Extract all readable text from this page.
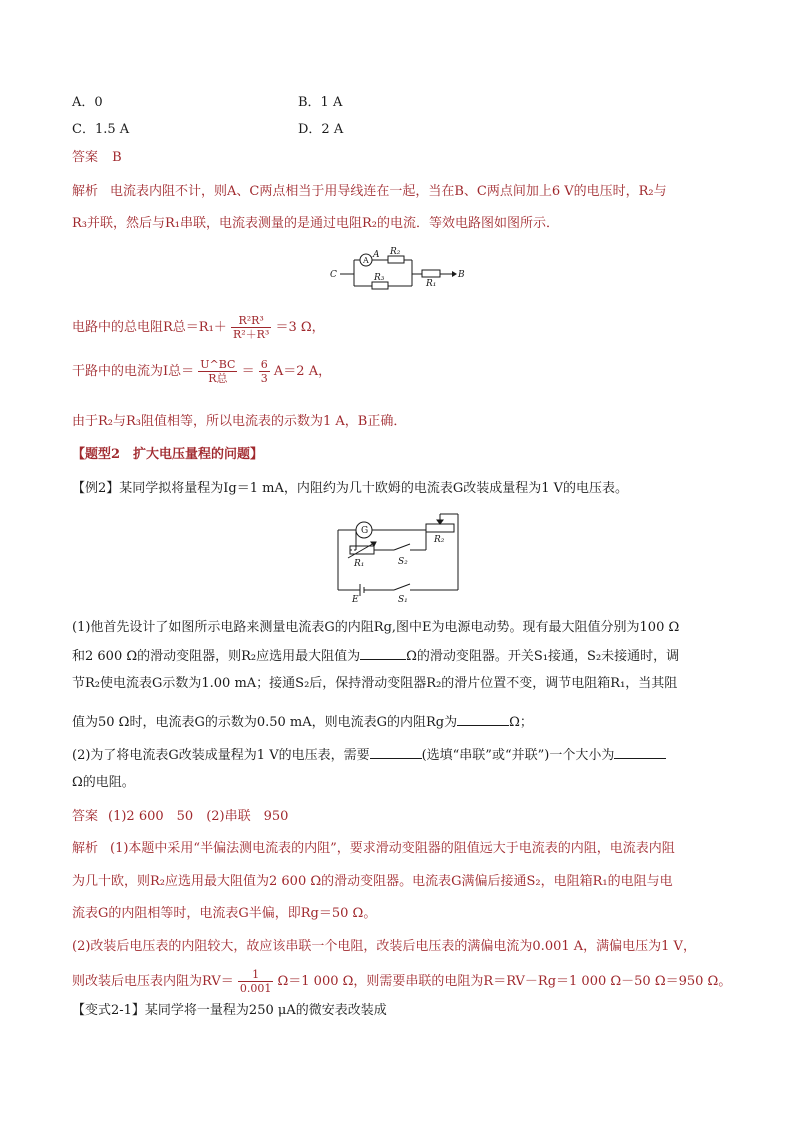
A．0	B．1 A
C．1.5 A	D．2 A
答案 B
解析 电流表内阻不计，则A、C两点相当于用导线连在一起，当在B、C两点间加上6 V的电压时，R₂与
R₃并联，然后与R₁串联，电流表测量的是通过电阻R₂的电流．等效电路图如图所示．
C
A
A
R₂
R₃
R₁
B
电路中的总电阻R总$=R_1+ \frac{\text{R²R³}}{\text{R²＋R³}} =3$ Ω，
干路中的电流为I总＝ $\frac{U\^{}BC}{\text{R总}} = \frac{6}{3} A=2$ A，
由于R₂与R₃阻值相等，所以电流表的示数为1 A，B正确．
【题型2　扩大电压量程的问题】
【例2】某同学拟将量程为Ig＝1 mA，内阻约为几十欧姆的电流表G改装成量程为1 V的电压表。
G
R₁	S₂
R₂
E	S₁
(1)他首先设计了如图所示电路来测量电流表G的内阻Rg,图中E为电源电动势。现有最大阻值分别为100 Ω
和2 600 Ω的滑动变阻器，则R₂应选用最大阻值为	Ω的滑动变阻器。开关S₁接通，S₂未接通时，调
节R₂使电流表G示数为1.00 mA；接通S₂后，保持滑动变阻器R₂的滑片位置不变，调节电阻箱R₁，当其阻
值为50 Ω时，电流表G的示数为0.50 mA，则电流表G的内阻Rg为	Ω；
(2)为了将电流表G改装成量程为1 V的电压表，需要	(选填“串联”或“并联”)一个大小为
Ω的电阻。
答案 (1)2 600　50　(2)串联　950
解析 (1)本题中采用“半偏法测电流表的内阻”，要求滑动变阻器的阻值远大于电流表的内阻，电流表内阻
为几十欧，则R₂应选用最大阻值为2 600 Ω的滑动变阻器。电流表G满偏后接通S₂，电阻箱R₁的电阻与电
流表G的内阻相等时，电流表G半偏，即Rg＝50 Ω。
(2)改装后电压表的内阻较大，故应该串联一个电阻，改装后电压表的满偏电流为0.001 A，满偏电压为1 V，
则改装后电压表内阻为$RV= \frac{1}{0.001} \Omega=1$ 000 Ω，则需要串联的电阻为R＝RV－Rg＝1 000 Ω－50 Ω＝950 Ω。
【变式2-1】某同学将一量程为250 μA的微安表改装成
